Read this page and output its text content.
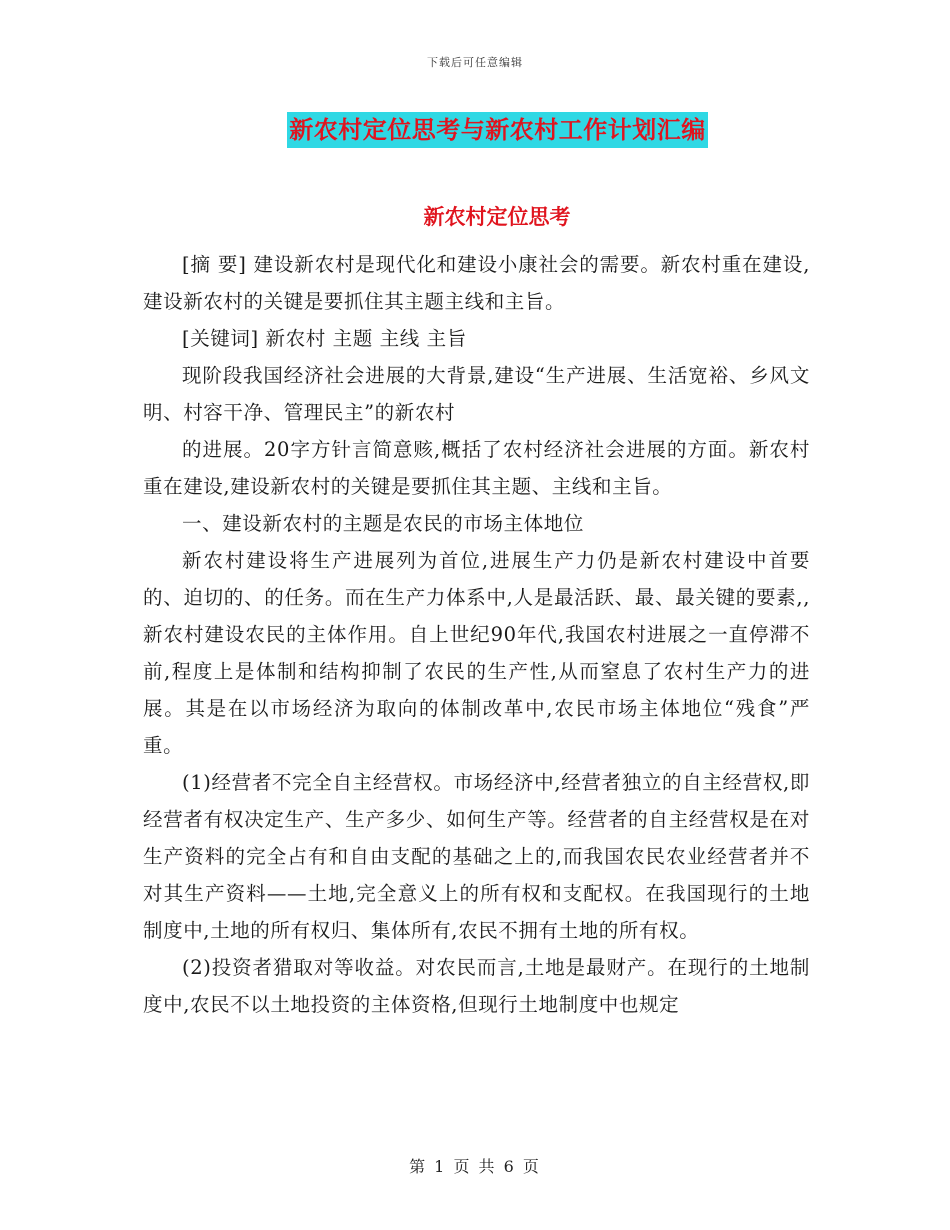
下载后可任意编辑
新农村定位思考与新农村工作计划汇编
新农村定位思考

[摘 要] 建设新农村是现代化和建设小康社会的需要。新农村重在建设,建设新农村的关键是要抓住其主题主线和主旨。

[关键词] 新农村 主题 主线 主旨

现阶段我国经济社会进展的大背景,建设“生产进展、生活宽裕、乡风文明、村容干净、管理民主”的新农村

的进展。20字方针言简意赅,概括了农村经济社会进展的方面。新农村重在建设,建设新农村的关键是要抓住其主题、主线和主旨。

一、建设新农村的主题是农民的市场主体地位

新农村建设将生产进展列为首位,进展生产力仍是新农村建设中首要的、迫切的、的任务。而在生产力体系中,人是最活跃、最、最关键的要素,,新农村建设农民的主体作用。自上世纪90年代,我国农村进展之一直停滞不前,程度上是体制和结构抑制了农民的生产性,从而窒息了农村生产力的进展。其是在以市场经济为取向的体制改革中,农民市场主体地位“残食”严重。

(1)经营者不完全自主经营权。市场经济中,经营者独立的自主经营权,即经营者有权决定生产、生产多少、如何生产等。经营者的自主经营权是在对生产资料的完全占有和自由支配的基础之上的,而我国农民农业经营者并不对其生产资料——土地,完全意义上的所有权和支配权。在我国现行的土地制度中,土地的所有权归、集体所有,农民不拥有土地的所有权。

(2)投资者猎取对等收益。对农民而言,土地是最财产。在现行的土地制度中,农民不以土地投资的主体资格,但现行土地制度中也规定

第 1 页 共 6 页
